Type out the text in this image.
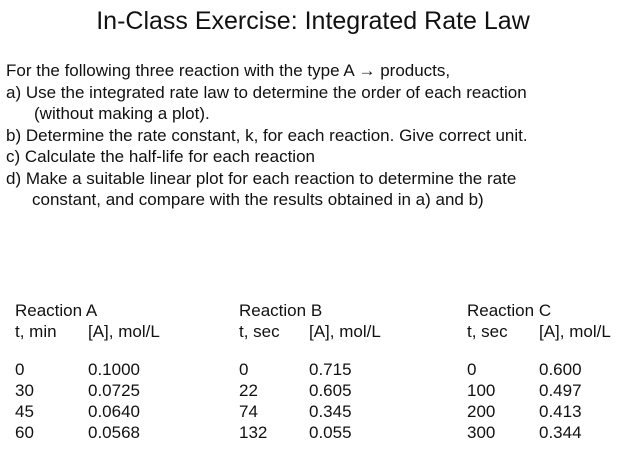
In-Class Exercise: Integrated Rate Law

For the following three reaction with the type A → products,

a) Use the integrated rate law to determine the order of each reaction

(without making a plot).

b) Determine the rate constant, k, for each reaction. Give correct unit.

c) Calculate the half-life for each reaction

d) Make a suitable linear plot for each reaction to determine the rate

constant, and compare with the results obtained in a) and b)

Reaction A
t, min	[A], mol/L
0	0.1000
30	0.0725
45	0.0640
60	0.0568
Reaction B
t, sec	[A], mol/L
0	0.715
22	0.605
74	0.345
132	0.055
Reaction C
t, sec	[A], mol/L
0	0.600
100	0.497
200	0.413
300	0.344
